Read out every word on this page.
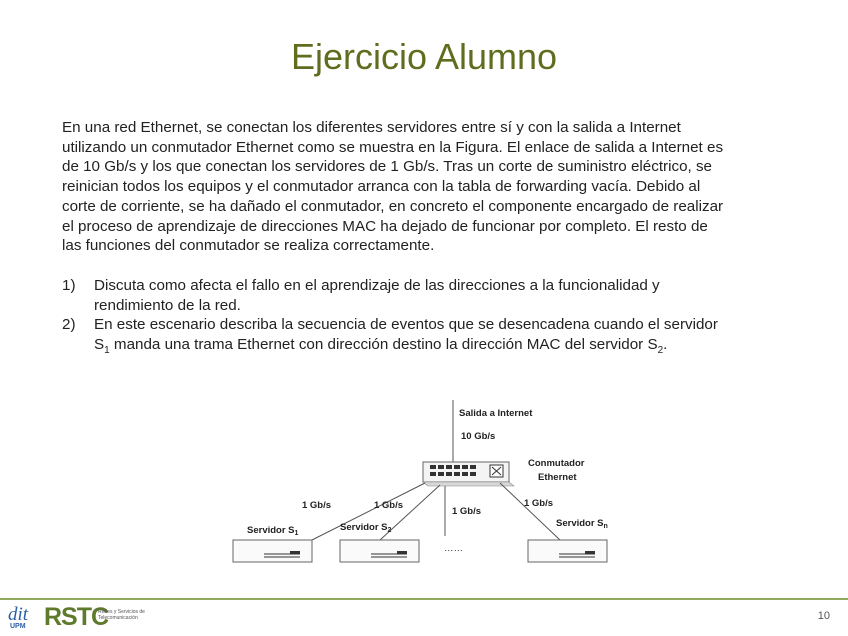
Ejercicio Alumno
En una red Ethernet, se conectan los diferentes servidores entre sí y con la salida a Internet
utilizando un conmutador Ethernet como se muestra en la Figura. El enlace de salida a Internet es
de 10 Gb/s y los que conectan los servidores de 1 Gb/s. Tras un corte de suministro eléctrico, se
reinician todos los equipos y el conmutador arranca con la tabla de forwarding vacía. Debido al
corte de corriente, se ha dañado el conmutador, en concreto el componente encargado de realizar
el proceso de aprendizaje de direcciones MAC ha dejado de funcionar por completo. El resto de
las funciones del conmutador se realiza correctamente.
1)	Discuta como afecta el fallo en el aprendizaje de las direcciones a la funcionalidad y
rendimiento de la red.
2)	En este escenario describa la secuencia de eventos que se desencadena cuando el servidor
$S_1$ manda una trama Ethernet con dirección destino la dirección MAC del servidor $S_2$.
Salida a Internet
10 Gb/s
Conmutador
Ethernet
1 Gb/s	1 Gb/s
1 Gb/s
1 Gb/s
Servidor $S_1$
Servidor $S_2$
Servidor $S_n$
……
dit
UPM RSTC
Redes y Servicios de Telecomunicación	10
